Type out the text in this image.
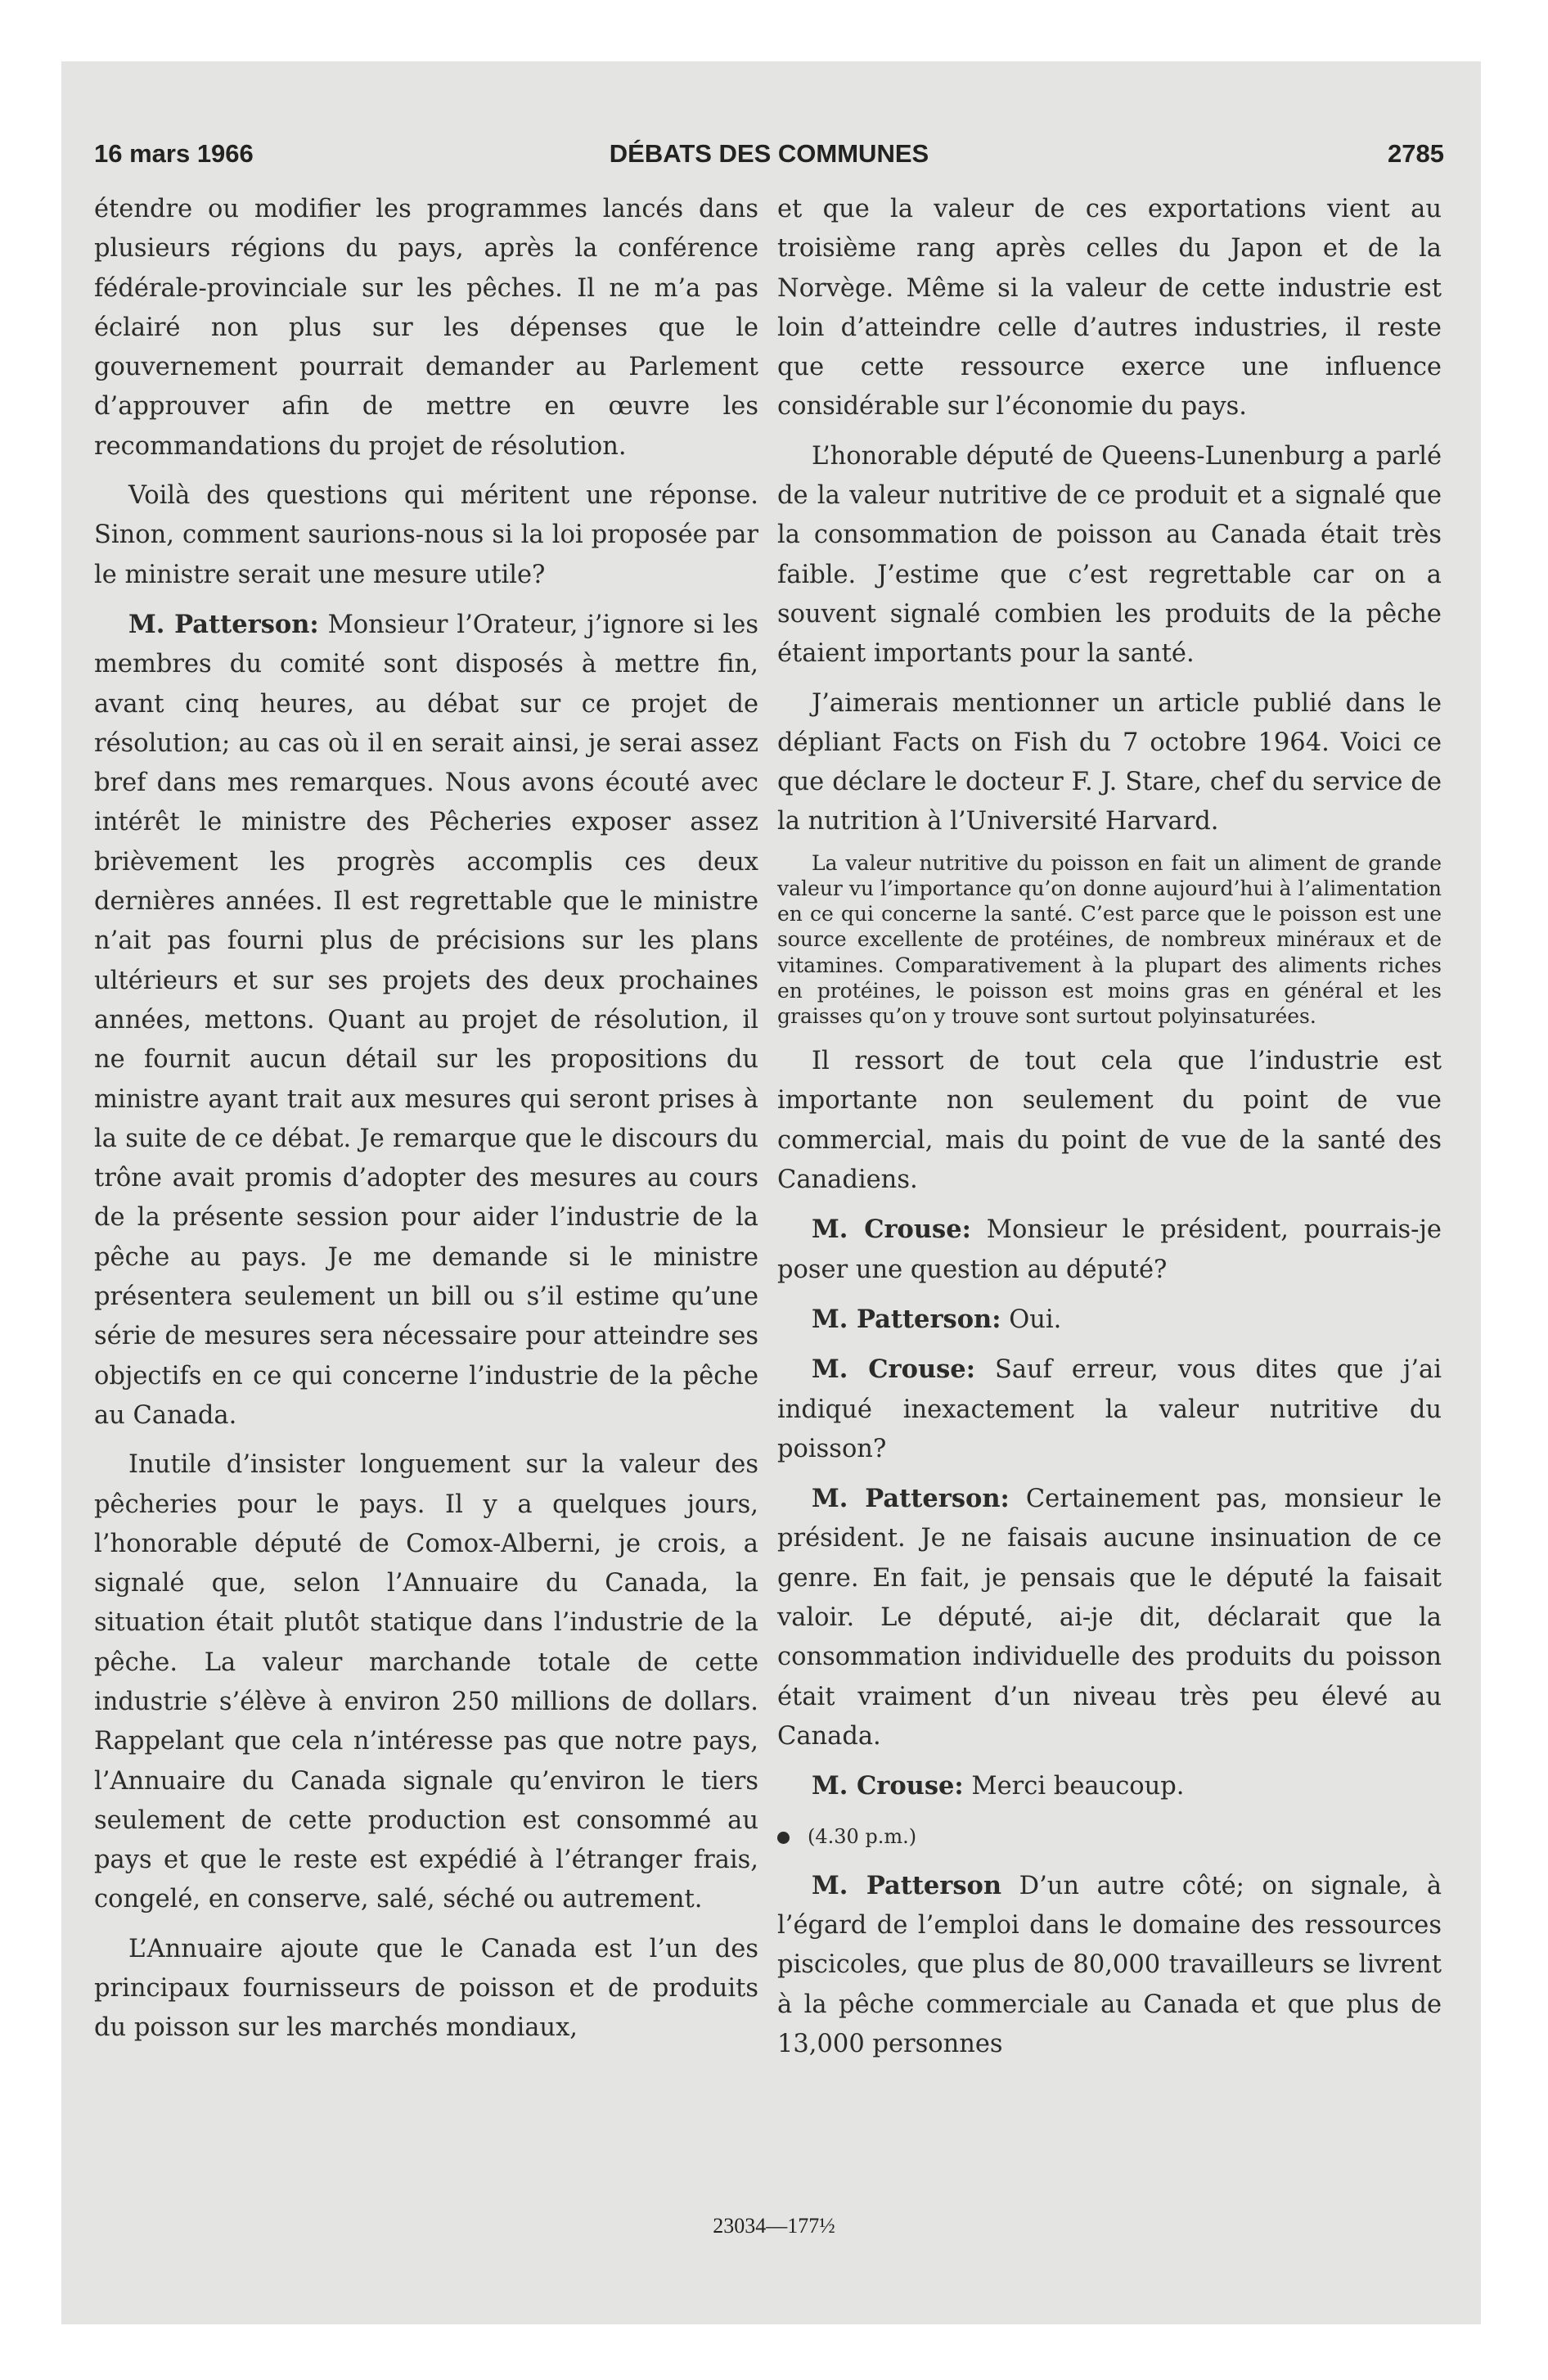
16 mars 1966	DÉBATS DES COMMUNES	2785

étendre ou modifier les programmes lancés dans plusieurs régions du pays, après la conférence fédérale-provinciale sur les pêches. Il ne m’a pas éclairé non plus sur les dépenses que le gouvernement pourrait demander au Parlement d’approuver afin de mettre en œuvre les recommandations du projet de résolution.

Voilà des questions qui méritent une réponse. Sinon, comment saurions-nous si la loi proposée par le ministre serait une mesure utile?

M. Patterson: Monsieur l’Orateur, j’ignore si les membres du comité sont disposés à mettre fin, avant cinq heures, au débat sur ce projet de résolution; au cas où il en serait ainsi, je serai assez bref dans mes remarques. Nous avons écouté avec intérêt le ministre des Pêcheries exposer assez brièvement les progrès accomplis ces deux dernières années. Il est regrettable que le ministre n’ait pas fourni plus de précisions sur les plans ultérieurs et sur ses projets des deux prochaines années, mettons. Quant au projet de résolution, il ne fournit aucun détail sur les propositions du ministre ayant trait aux mesures qui seront prises à la suite de ce débat. Je remarque que le discours du trône avait promis d’adopter des mesures au cours de la présente session pour aider l’industrie de la pêche au pays. Je me demande si le ministre présentera seulement un bill ou s’il estime qu’une série de mesures sera nécessaire pour atteindre ses objectifs en ce qui concerne l’industrie de la pêche au Canada.

Inutile d’insister longuement sur la valeur des pêcheries pour le pays. Il y a quelques jours, l’honorable député de Comox-Alberni, je crois, a signalé que, selon l’Annuaire du Canada, la situation était plutôt statique dans l’industrie de la pêche. La valeur marchande totale de cette industrie s’élève à environ 250 millions de dollars. Rappelant que cela n’intéresse pas que notre pays, l’Annuaire du Canada signale qu’environ le tiers seulement de cette production est consommé au pays et que le reste est expédié à l’étranger frais, congelé, en conserve, salé, séché ou autrement.

L’Annuaire ajoute que le Canada est l’un des principaux fournisseurs de poisson et de produits du poisson sur les marchés mondiaux,

et que la valeur de ces exportations vient au troisième rang après celles du Japon et de la Norvège. Même si la valeur de cette industrie est loin d’atteindre celle d’autres industries, il reste que cette ressource exerce une influence considérable sur l’économie du pays.

L’honorable député de Queens-Lunenburg a parlé de la valeur nutritive de ce produit et a signalé que la consommation de poisson au Canada était très faible. J’estime que c’est regrettable car on a souvent signalé combien les produits de la pêche étaient importants pour la santé.

J’aimerais mentionner un article publié dans le dépliant Facts on Fish du 7 octobre 1964. Voici ce que déclare le docteur F. J. Stare, chef du service de la nutrition à l’Université Harvard.

La valeur nutritive du poisson en fait un aliment de grande valeur vu l’importance qu’on donne aujourd’hui à l’alimentation en ce qui concerne la santé. C’est parce que le poisson est une source excellente de protéines, de nombreux minéraux et de vitamines. Comparativement à la plupart des aliments riches en protéines, le poisson est moins gras en général et les graisses qu’on y trouve sont surtout polyinsaturées.

Il ressort de tout cela que l’industrie est importante non seulement du point de vue commercial, mais du point de vue de la santé des Canadiens.

M. Crouse: Monsieur le président, pourrais-je poser une question au député?

M. Patterson: Oui.

M. Crouse: Sauf erreur, vous dites que j’ai indiqué inexactement la valeur nutritive du poisson?

M. Patterson: Certainement pas, monsieur le président. Je ne faisais aucune insinuation de ce genre. En fait, je pensais que le député la faisait valoir. Le député, ai-je dit, déclarait que la consommation individuelle des produits du poisson était vraiment d’un niveau très peu élevé au Canada.

M. Crouse: Merci beaucoup.

(4.30 p.m.)

M. Patterson D’un autre côté; on signale, à l’égard de l’emploi dans le domaine des ressources piscicoles, que plus de 80,000 travailleurs se livrent à la pêche commerciale au Canada et que plus de 13,000 personnes

23034—177½
